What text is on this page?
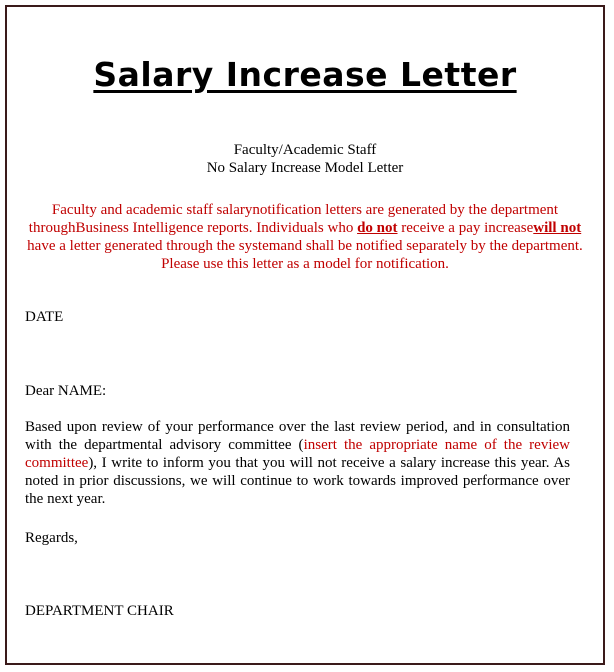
Salary Increase Letter
Faculty/Academic Staff
No Salary Increase Model Letter
Faculty and academic staff salarynotification letters are generated by the department throughBusiness Intelligence reports. Individuals who do not receive a pay increasewill not have a letter generated through the systemand shall be notified separately by the department. Please use this letter as a model for notification.
DATE
Dear NAME:
Based upon review of your performance over the last review period, and in consultation with the departmental advisory committee (insert the appropriate name of the review committee), I write to inform you that you will not receive a salary increase this year. As noted in prior discussions, we will continue to work towards improved performance over the next year.
Regards,
DEPARTMENT CHAIR
